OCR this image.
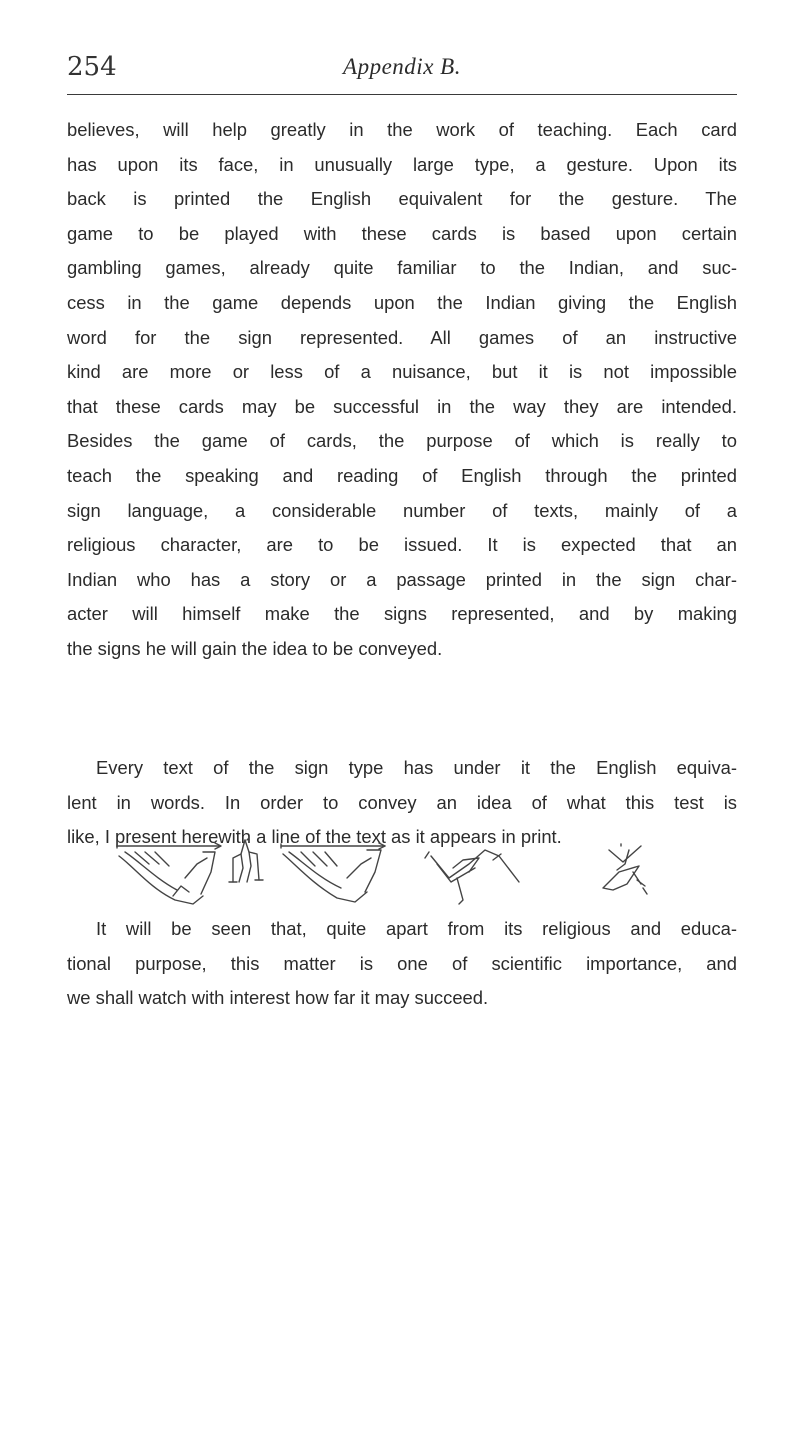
254	Appendix B.
believes, will help greatly in the work of teaching. Each card
has upon its face, in unusually large type, a gesture. Upon its
back is printed the English equivalent for the gesture. The
game to be played with these cards is based upon certain
gambling games, already quite familiar to the Indian, and suc-
cess in the game depends upon the Indian giving the English
word for the sign represented. All games of an instructive
kind are more or less of a nuisance, but it is not impossible
that these cards may be successful in the way they are intended.
Besides the game of cards, the purpose of which is really to
teach the speaking and reading of English through the printed
sign language, a considerable number of texts, mainly of a
religious character, are to be issued. It is expected that an
Indian who has a story or a passage printed in the sign char-
acter will himself make the signs represented, and by making
the signs he will gain the idea to be conveyed.
Every text of the sign type has under it the English equiva-
lent in words. In order to convey an idea of what this test is
like, I present herewith a line of the text as it appears in print.
It will be seen that, quite apart from its religious and educa-
tional purpose, this matter is one of scientific importance, and
we shall watch with interest how far it may succeed.
